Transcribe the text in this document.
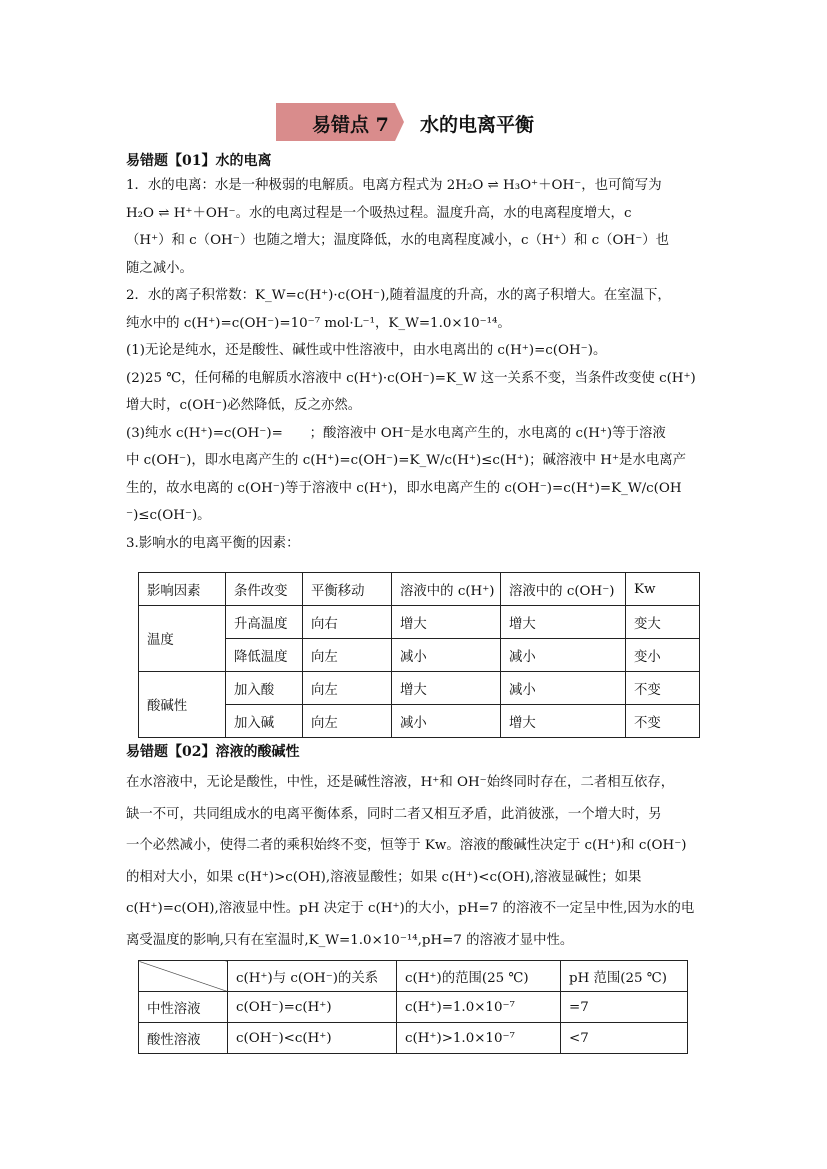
易错点 7 水的电离平衡
易错题【01】水的电离

1．水的电离：水是一种极弱的电解质。电离方程式为 2H₂O ⇌ H₃O⁺＋OH⁻，也可简写为

H₂O ⇌ H⁺＋OH⁻。水的电离过程是一个吸热过程。温度升高，水的电离程度增大，c

（H⁺）和 c（OH⁻）也随之增大；温度降低，水的电离程度减小，c（H⁺）和 c（OH⁻）也

随之减小。

2．水的离子积常数：K_W=c(H⁺)·c(OH⁻),随着温度的升高，水的离子积增大。在室温下，

纯水中的 c(H⁺)=c(OH⁻)=10⁻⁷ mol·L⁻¹，K_W=1.0×10⁻¹⁴。

(1)无论是纯水，还是酸性、碱性或中性溶液中，由水电离出的 c(H⁺)=c(OH⁻)。

(2)25 ℃，任何稀的电解质水溶液中 c(H⁺)·c(OH⁻)=K_W 这一关系不变，当条件改变使 c(H⁺)

增大时，c(OH⁻)必然降低，反之亦然。

(3)纯水 c(H⁺)=c(OH⁻)=　　；酸溶液中 OH⁻是水电离产生的，水电离的 c(H⁺)等于溶液

中 c(OH⁻)，即水电离产生的 c(H⁺)=c(OH⁻)=K_W/c(H⁺)≤c(H⁺)；碱溶液中 H⁺是水电离产

生的，故水电离的 c(OH⁻)等于溶液中 c(H⁺)，即水电离产生的 c(OH⁻)=c(H⁺)=K_W/c(OH

⁻)≤c(OH⁻)。

3.影响水的电离平衡的因素：

影响因素	条件改变	平衡移动	溶液中的 c(H⁺)	溶液中的 c(OH⁻)	Kw
温度	升高温度	向右	增大	增大	变大
	降低温度	向左	减小	减小	变小
酸碱性	加入酸	向左	增大	减小	不变
	加入碱	向左	减小	增大	不变
易错题【02】溶液的酸碱性

在水溶液中，无论是酸性，中性，还是碱性溶液，H⁺和 OH⁻始终同时存在，二者相互依存，

缺一不可，共同组成水的电离平衡体系，同时二者又相互矛盾，此消彼涨，一个增大时，另

一个必然减小，使得二者的乘积始终不变，恒等于 Kw。溶液的酸碱性决定于 c(H⁺)和 c(OH⁻)

的相对大小，如果 c(H⁺)>c(OH),溶液显酸性；如果 c(H⁺)<c(OH),溶液显碱性；如果

c(H⁺)=c(OH),溶液显中性。pH 决定于 c(H⁺)的大小，pH=7 的溶液不一定呈中性,因为水的电

离受温度的影响,只有在室温时,K_W=1.0×10⁻¹⁴,pH=7 的溶液才显中性。

	c(H⁺)与 c(OH⁻)的关系	c(H⁺)的范围(25 ℃)	pH 范围(25 ℃)
中性溶液	c(OH⁻)=c(H⁺)	c(H⁺)=1.0×10⁻⁷	=7
酸性溶液	c(OH⁻)<c(H⁺)	c(H⁺)>1.0×10⁻⁷	<7
